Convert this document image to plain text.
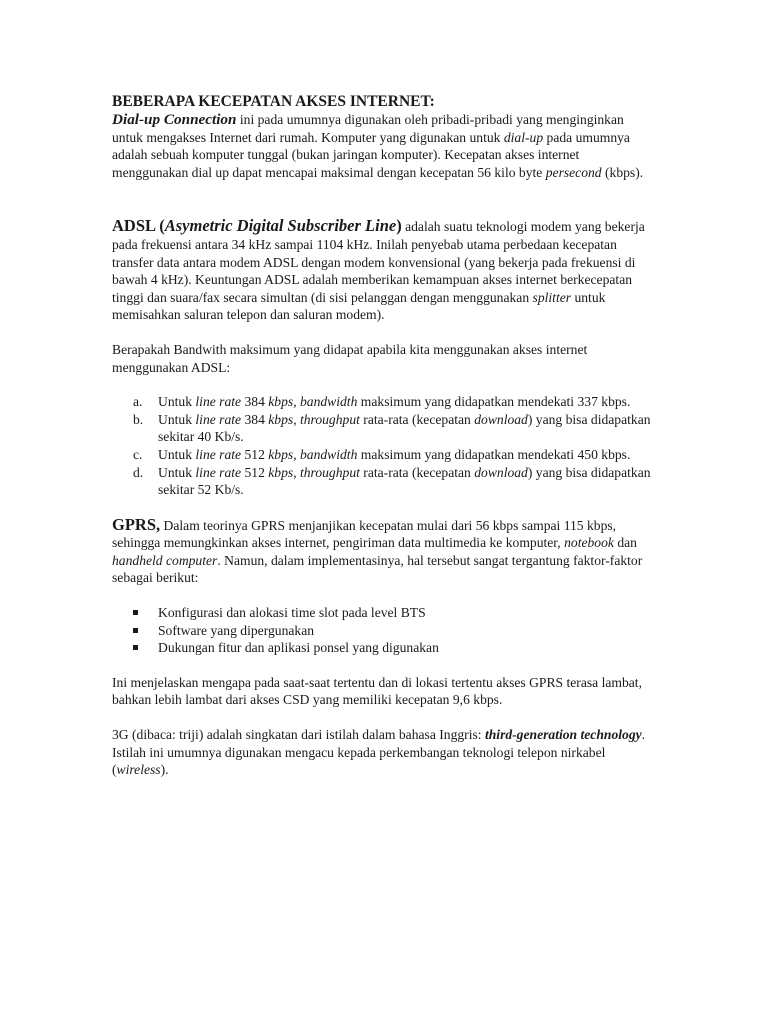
BEBERAPA KECEPATAN AKSES INTERNET:

Dial-up Connection ini pada umumnya digunakan oleh pribadi-pribadi yang menginginkan untuk mengakses Internet dari rumah. Komputer yang digunakan untuk dial-up pada umumnya adalah sebuah komputer tunggal (bukan jaringan komputer). Kecepatan akses internet menggunakan dial up dapat mencapai maksimal dengan kecepatan 56 kilo byte persecond (kbps).

ADSL (Asymetric Digital Subscriber Line) adalah suatu teknologi modem yang bekerja pada frekuensi antara 34 kHz sampai 1104 kHz. Inilah penyebab utama perbedaan kecepatan transfer data antara modem ADSL dengan modem konvensional (yang bekerja pada frekuensi di bawah 4 kHz). Keuntungan ADSL adalah memberikan kemampuan akses internet berkecepatan tinggi dan suara/fax secara simultan (di sisi pelanggan dengan menggunakan splitter untuk memisahkan saluran telepon dan saluran modem).

Berapakah Bandwith maksimum yang didapat apabila kita menggunakan akses internet menggunakan ADSL:

a. Untuk line rate 384 kbps, bandwidth maksimum yang didapatkan mendekati 337 kbps.
b. Untuk line rate 384 kbps, throughput rata-rata (kecepatan download) yang bisa didapatkan sekitar 40 Kb/s.
c. Untuk line rate 512 kbps, bandwidth maksimum yang didapatkan mendekati 450 kbps.
d. Untuk line rate 512 kbps, throughput rata-rata (kecepatan download) yang bisa didapatkan sekitar 52 Kb/s.

GPRS, Dalam teorinya GPRS menjanjikan kecepatan mulai dari 56 kbps sampai 115 kbps, sehingga memungkinkan akses internet, pengiriman data multimedia ke komputer, notebook dan handheld computer. Namun, dalam implementasinya, hal tersebut sangat tergantung faktor-faktor sebagai berikut:

Konfigurasi dan alokasi time slot pada level BTS
Software yang dipergunakan
Dukungan fitur dan aplikasi ponsel yang digunakan

Ini menjelaskan mengapa pada saat-saat tertentu dan di lokasi tertentu akses GPRS terasa lambat, bahkan lebih lambat dari akses CSD yang memiliki kecepatan 9,6 kbps.

3G (dibaca: triji) adalah singkatan dari istilah dalam bahasa Inggris: third-generation technology. Istilah ini umumnya digunakan mengacu kepada perkembangan teknologi telepon nirkabel (wireless).
